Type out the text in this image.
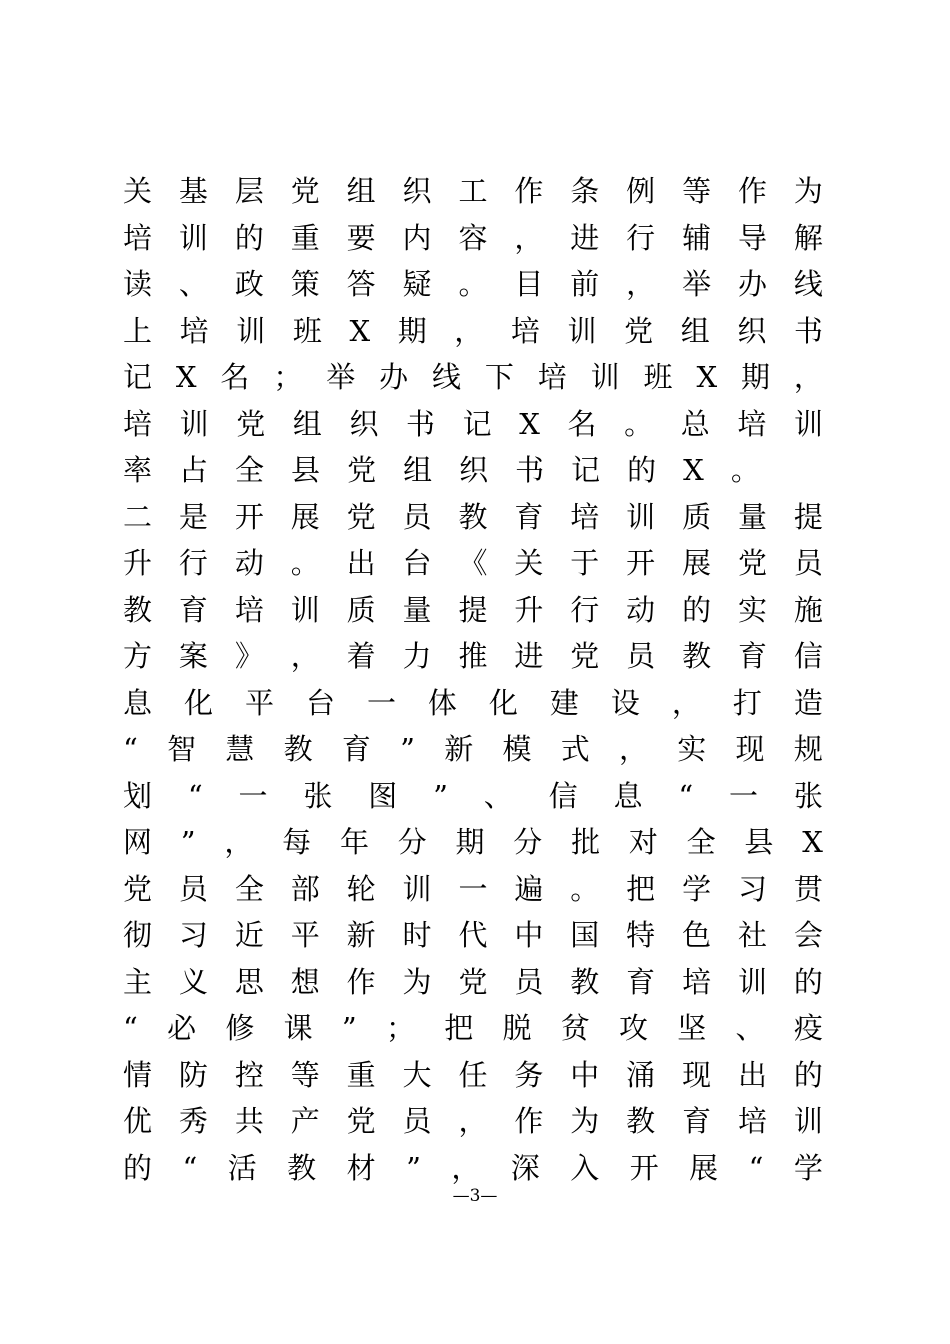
关 基 层 党 组 织 工 作 条 例 等 作 为
培 训 的 重 要 内 容 ， 进 行 辅 导 解
读 、 政 策 答 疑 。 目 前 ， 举 办 线
上 培 训 班 X 期 ， 培 训 党 组 织 书
记 X 名 ； 举 办 线 下 培 训 班 X 期 ，
培 训 党 组 织 书 记 X 名 。 总 培 训
率 占 全 县 党 组 织 书 记 的 X 。
二 是 开 展 党 员 教 育 培 训 质 量 提
升 行 动 。 出 台 《 关 于 开 展 党 员
教 育 培 训 质 量 提 升 行 动 的 实 施
方 案 》 ， 着 力 推 进 党 员 教 育 信
息 化 平 台 一 体 化 建 设 ， 打 造
“ 智 慧 教 育 ” 新 模 式 ， 实 现 规
划 “ 一 张 图 ” 、 信 息 “ 一 张
网 ” ， 每 年 分 期 分 批 对 全 县 X
党 员 全 部 轮 训 一 遍 。 把 学 习 贯
彻 习 近 平 新 时 代 中 国 特 色 社 会
主 义 思 想 作 为 党 员 教 育 培 训 的
“ 必 修 课 ” ； 把 脱 贫 攻 坚 、 疫
情 防 控 等 重 大 任 务 中 涌 现 出 的
优 秀 共 产 党 员 ， 作 为 教 育 培 训
的 “ 活 教 材 ” ， 深 入 开 展 “ 学
—3—
